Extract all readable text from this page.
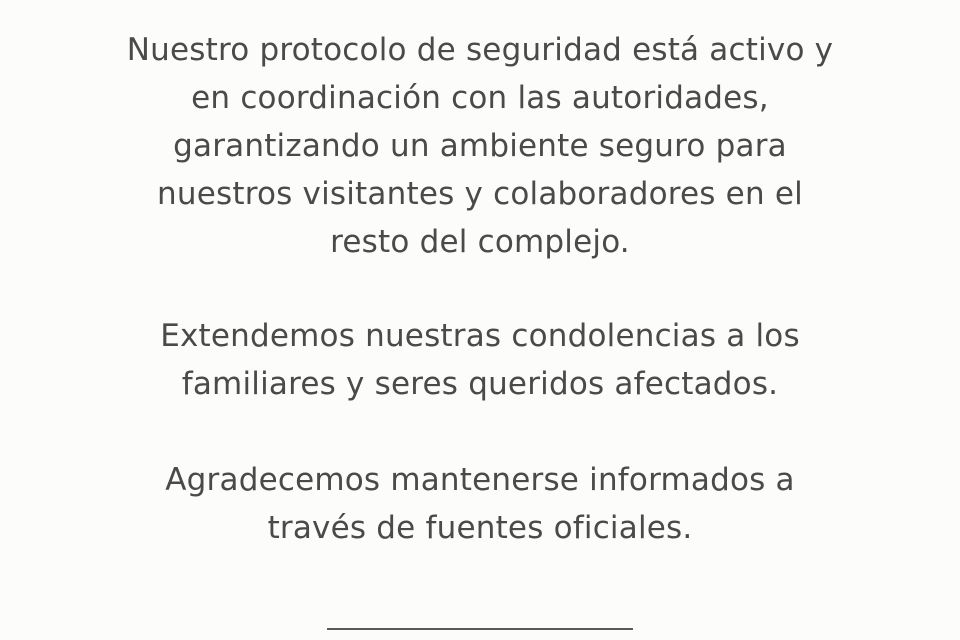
Nuestro protocolo de seguridad está activo y
en coordinación con las autoridades,
garantizando un ambiente seguro para
nuestros visitantes y colaboradores en el
resto del complejo.
Extendemos nuestras condolencias a los
familiares y seres queridos afectados.
Agradecemos mantenerse informados a
través de fuentes oficiales.
